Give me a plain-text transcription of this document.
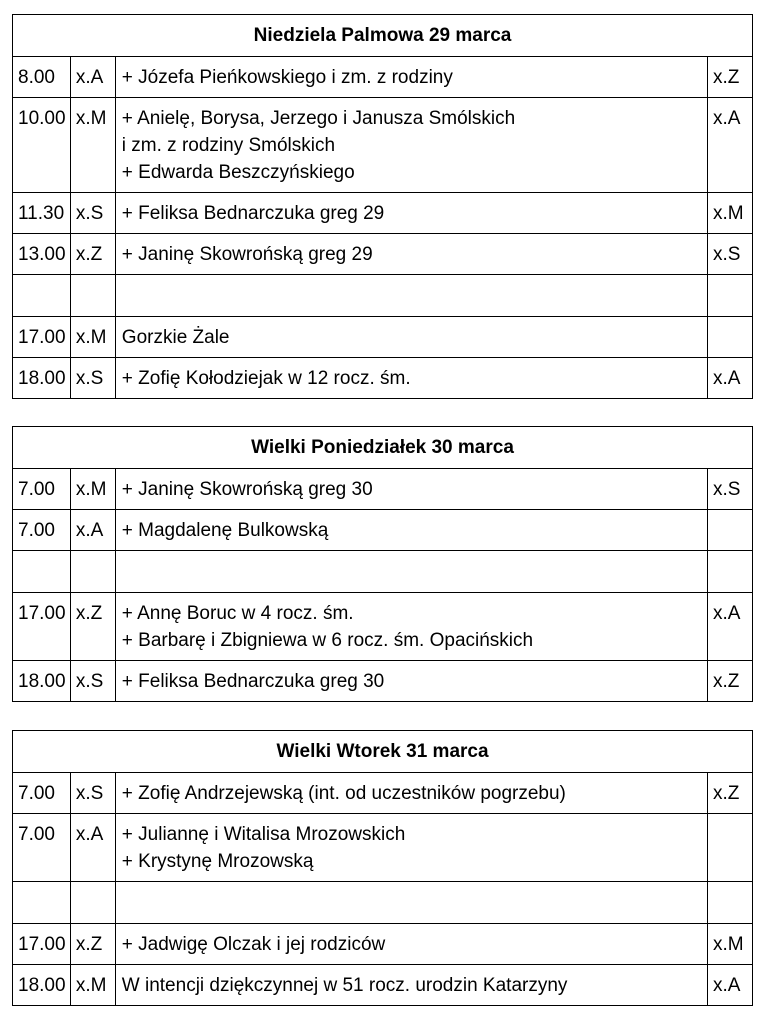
Niedziela Palmowa 29 marca			
8.00	x.A	+ Józefa Pieńkowskiego i zm. z rodziny	x.Z
10.00	x.M	+ Anielę, Borysa, Jerzego i Janusza Smólskich
i zm. z rodziny Smólskich
+ Edwarda Beszczyńskiego	x.A
11.30	x.S	+ Feliksa Bednarczuka greg 29	x.M
13.00	x.Z	+ Janinę Skowrońską greg 29	x.S

17.00	x.M	Gorzkie Żale	

18.00	x.S	+ Zofię Kołodziejak w 12 rocz. śm.	x.A
Wielki Poniedziałek 30 marca			
7.00	x.M	+ Janinę Skowrońską greg 30	x.S
7.00	x.A	+ Magdalenę Bulkowską	

17.00	x.Z	+ Annę Boruc w 4 rocz. śm.
+ Barbarę i Zbigniewa w 6 rocz. śm. Opacińskich	x.A
18.00	x.S	+ Feliksa Bednarczuka greg 30	x.Z
Wielki Wtorek 31 marca			
7.00	x.S	+ Zofię Andrzejewską (int. od uczestników pogrzebu)	x.Z
7.00	x.A	+ Juliannę i Witalisa Mrozowskich
+ Krystynę Mrozowską	

17.00	x.Z	+ Jadwigę Olczak i jej rodziców	x.M
18.00	x.M	W intencji dziękczynnej w 51 rocz. urodzin Katarzyny	x.A
